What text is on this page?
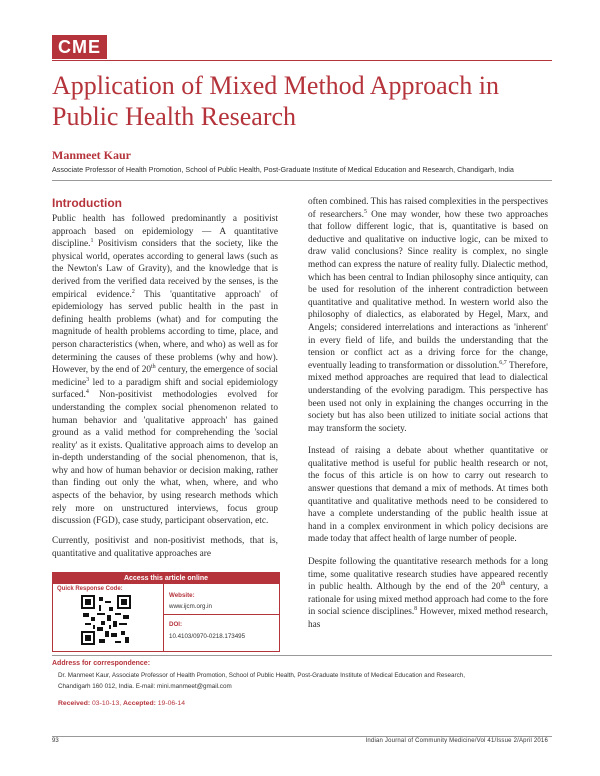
CME
Application of Mixed Method Approach in Public Health Research
Manmeet Kaur
Associate Professor of Health Promotion, School of Public Health, Post-Graduate Institute of Medical Education and Research, Chandigarh, India
Introduction

Public health has followed predominantly a positivist approach based on epidemiology — A quantitative discipline.$^1$ Positivism considers that the society, like the physical world, operates according to general laws (such as the Newton's Law of Gravity), and the knowledge that is derived from the verified data received by the senses, is the empirical evidence.$^2$ This 'quantitative approach' of epidemiology has served public health in the past in defining health problems (what) and for computing the magnitude of health problems according to time, place, and person characteristics (when, where, and who) as well as for determining the causes of these problems (why and how). However, by the end of 20th century, the emergence of social medicine$^3$ led to a paradigm shift and social epidemiology surfaced.$^4$ Non-positivist methodologies evolved for understanding the complex social phenomenon related to human behavior and 'qualitative approach' has gained ground as a valid method for comprehending the 'social reality' as it exists. Qualitative approach aims to develop an in-depth understanding of the social phenomenon, that is, why and how of human behavior or decision making, rather than finding out only the what, when, where, and who aspects of the behavior, by using research methods which rely more on unstructured interviews, focus group discussion (FGD), case study, participant observation, etc.

Currently, positivist and non-positivist methods, that is, quantitative and qualitative approaches are

Access this article online
Quick Response Code:
Website:
www.ijcm.org.in
DOI:
10.4103/0970-0218.173495

often combined. This has raised complexities in the perspectives of researchers.$^5$ One may wonder, how these two approaches that follow different logic, that is, quantitative is based on deductive and qualitative on inductive logic, can be mixed to draw valid conclusions? Since reality is complex, no single method can express the nature of reality fully. Dialectic method, which has been central to Indian philosophy since antiquity, can be used for resolution of the inherent contradiction between quantitative and qualitative method. In western world also the philosophy of dialectics, as elaborated by Hegel, Marx, and Angels; considered interrelations and interactions as 'inherent' in every field of life, and builds the understanding that the tension or conflict act as a driving force for the change, eventually leading to transformation or dissolution.$^{6,7}$ Therefore, mixed method approaches are required that lead to dialectical understanding of the evolving paradigm. This perspective has been used not only in explaining the changes occurring in the society but has also been utilized to initiate social actions that may transform the society.

Instead of raising a debate about whether quantitative or qualitative method is useful for public health research or not, the focus of this article is on how to carry out research to answer questions that demand a mix of methods. At times both quantitative and qualitative methods need to be considered to have a complete understanding of the public health issue at hand in a complex environment in which policy decisions are made today that affect health of large number of people.

Despite following the quantitative research methods for a long time, some qualitative research studies have appeared recently in public health. Although by the end of the 20th century, a rationale for using mixed method approach had come to the fore in social science disciplines.$^8$ However, mixed method research, has

Address for correspondence:
Dr. Manmeet Kaur, Associate Professor of Health Promotion, School of Public Health, Post-Graduate Institute of Medical Education and Research,
Chandigarh 160 012, India. E-mail: mini.manmeet@gmail.com
Received: 03-10-13, Accepted: 19-06-14
93	Indian Journal of Community Medicine/Vol 41/Issue 2/April 2016
